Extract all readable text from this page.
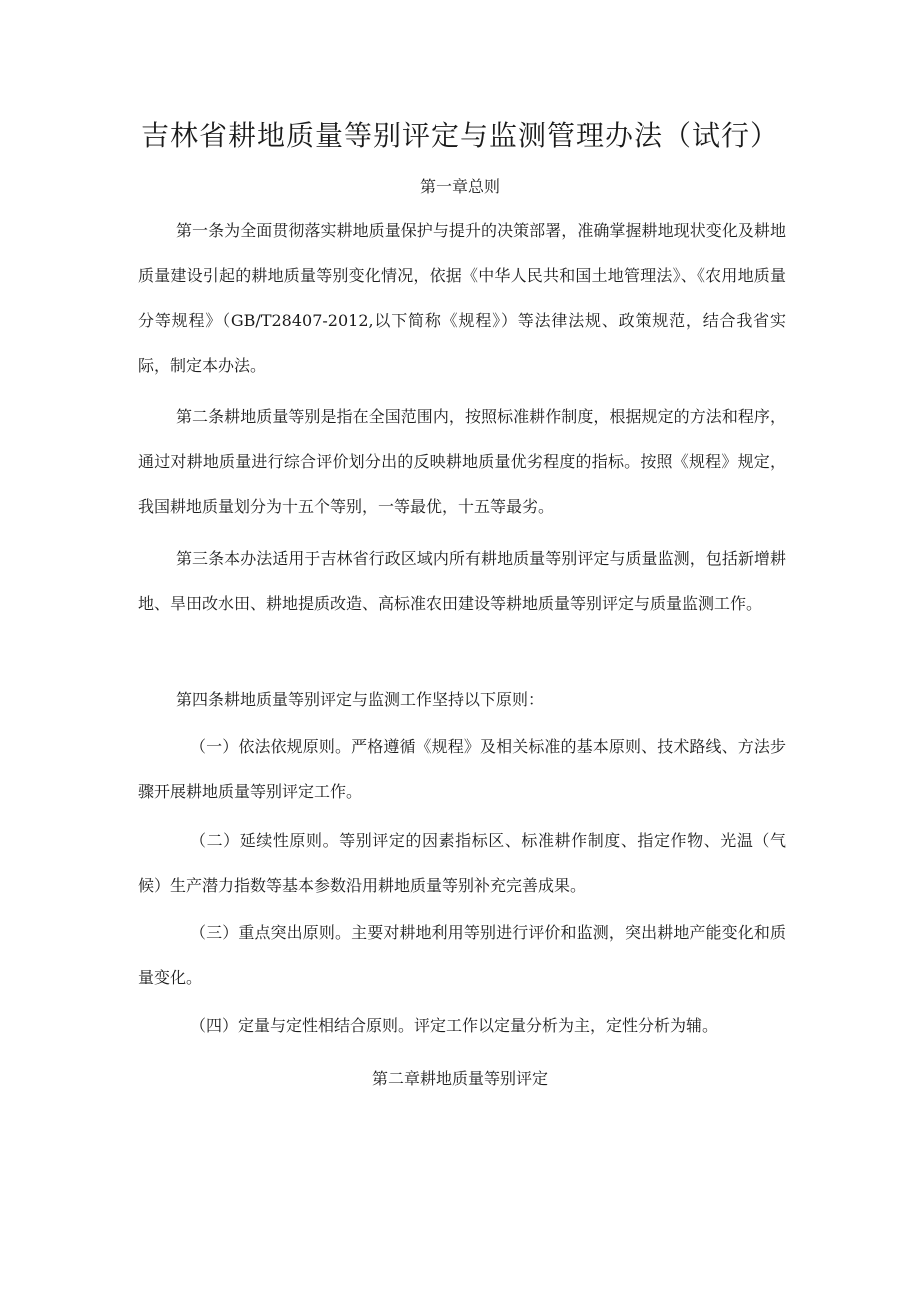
吉林省耕地质量等别评定与监测管理办法（试行）
第一章总则
第一条为全面贯彻落实耕地质量保护与提升的决策部署，准确掌握耕地现状变化及耕地质量建设引起的耕地质量等别变化情况，依据《中华人民共和国土地管理法》、《农用地质量分等规程》（GB/T28407-2012,以下简称《规程》）等法律法规、政策规范，结合我省实际，制定本办法。
第二条耕地质量等别是指在全国范围内，按照标准耕作制度，根据规定的方法和程序，通过对耕地质量进行综合评价划分出的反映耕地质量优劣程度的指标。按照《规程》规定，我国耕地质量划分为十五个等别，一等最优，十五等最劣。
第三条本办法适用于吉林省行政区域内所有耕地质量等别评定与质量监测，包括新增耕地、旱田改水田、耕地提质改造、高标准农田建设等耕地质量等别评定与质量监测工作。
第四条耕地质量等别评定与监测工作坚持以下原则：
（一）依法依规原则。严格遵循《规程》及相关标准的基本原则、技术路线、方法步骤开展耕地质量等别评定工作。
（二）延续性原则。等别评定的因素指标区、标准耕作制度、指定作物、光温（气候）生产潜力指数等基本参数沿用耕地质量等别补充完善成果。
（三）重点突出原则。主要对耕地利用等别进行评价和监测，突出耕地产能变化和质量变化。
（四）定量与定性相结合原则。评定工作以定量分析为主，定性分析为辅。
第二章耕地质量等别评定
